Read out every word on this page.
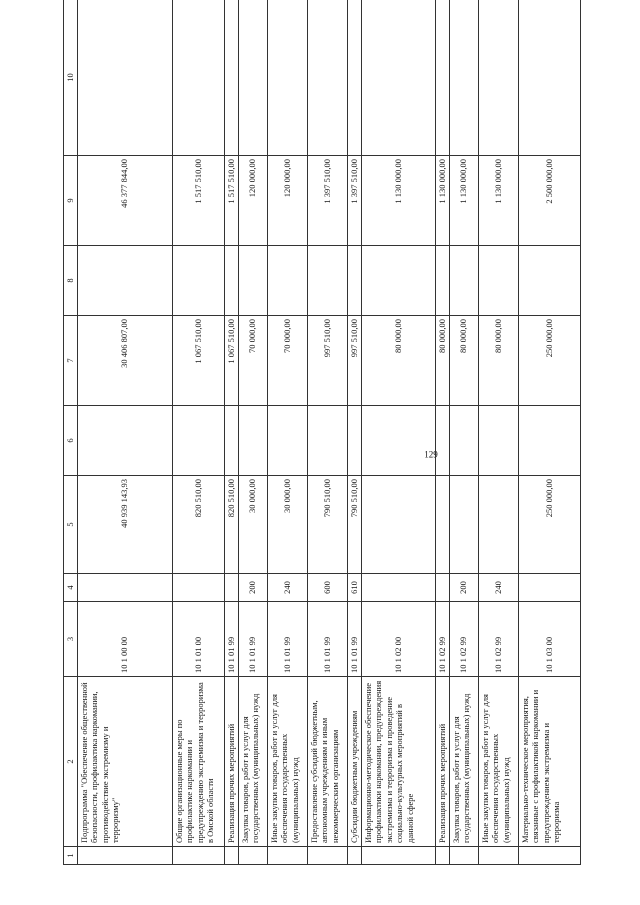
129
1	2	3	4	5	6	7	8	9	10
	Подпрограмма "Обеспечение общественной безопасности, профилактика наркомании, противодействие экстремизму и терроризму"	10 1 00 00		40 939 143,93		30 406 807,00		46 377 844,00	
	Общие организационные меры по профилактике наркомании и предупреждению экстремизма и терроризма в Омской области	10 1 01 00		820 510,00		1 067 510,00		1 517 510,00	
	Реализация прочих мероприятий	10 1 01 99		820 510,00		1 067 510,00		1 517 510,00	
	Закупка товаров, работ и услуг для государственных (муниципальных) нужд	10 1 01 99	200	30 000,00		70 000,00		120 000,00	
	Иные закупки товаров, работ и услуг для обеспечения государственных (муниципальных) нужд	10 1 01 99	240	30 000,00		70 000,00		120 000,00	
	Предоставление субсидий бюджетным, автономным учреждениям и иным некоммерческим организациям	10 1 01 99	600	790 510,00		997 510,00		1 397 510,00	
	Субсидии бюджетным учреждениям	10 1 01 99	610	790 510,00		997 510,00		1 397 510,00	
	Информационно-методическое обеспечение профилактики наркомании, предупреждения экстремизма и терроризма и проведение социально-культурных мероприятий в данной сфере	10 1 02 00				80 000,00		1 130 000,00	
	Реализация прочих мероприятий	10 1 02 99				80 000,00		1 130 000,00	
	Закупка товаров, работ и услуг для государственных (муниципальных) нужд	10 1 02 99	200			80 000,00		1 130 000,00	
	Иные закупки товаров, работ и услуг для обеспечения государственных (муниципальных) нужд	10 1 02 99	240			80 000,00		1 130 000,00	
	Материально-техническое мероприятия, связанные с профилактикой наркомании и предупреждением экстремизма и терроризма	10 1 03 00		250 000,00		250 000,00		2 500 000,00	
